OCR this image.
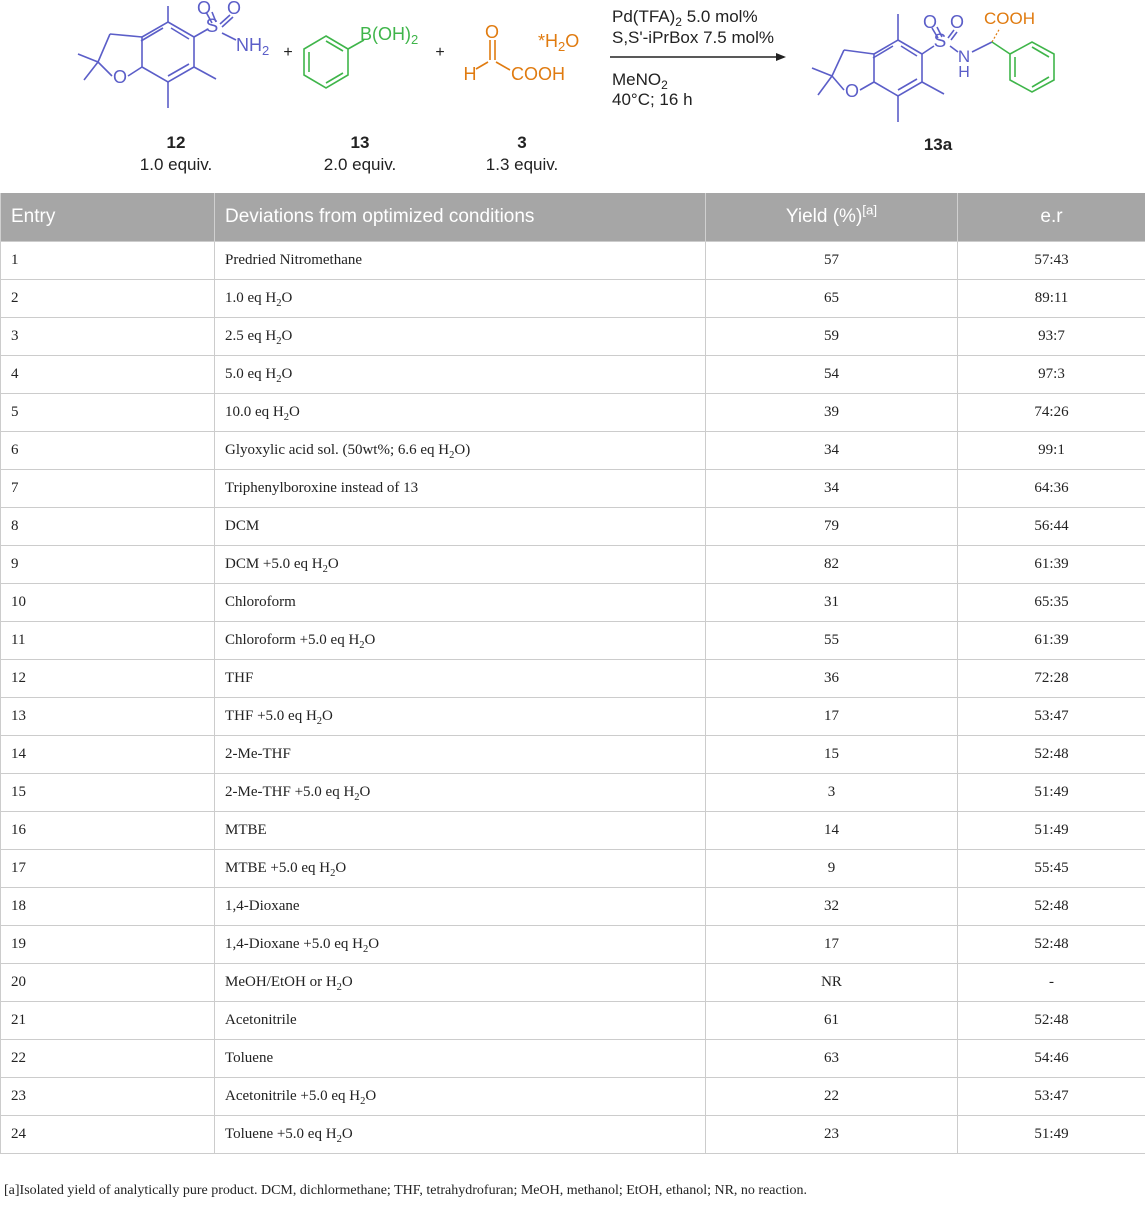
S
O O
$NH_2$
O
12
1.0 equiv.
+
$B(OH)_2$
13
2.0 equiv.
+
O
H COOH
$*H_2O$
3
1.3 equiv.
$Pd(TFA)_2$ 5.0 mol%
S,S'-iPrBox 7.5 mol%
MeNO$_2$
40°C; 16 h
S
O O
N
H
O
COOH
13a
Entry	Deviations from optimized conditions	Yield (%)[a]	e.r
1	Predried Nitromethane	57	57:43
2	1.0 eq $H_2O$	65	89:11
3	2.5 eq $H_2O$	59	93:7
4	5.0 eq $H_2O$	54	97:3
5	10.0 eq $H_2O$	39	74:26
6	Glyoxylic acid sol. (50wt%; 6.6 eq $H_2O$)	34	99:1
7	Triphenylboroxine instead of 13	34	64:36
8	DCM	79	56:44
9	DCM +5.0 eq $H_2O$	82	61:39
10	Chloroform	31	65:35
11	Chloroform +5.0 eq $H_2O$	55	61:39
12	THF	36	72:28
13	THF +5.0 eq $H_2O$	17	53:47
14	2-Me-THF	15	52:48
15	2-Me-THF +5.0 eq $H_2O$	3	51:49
16	MTBE	14	51:49
17	MTBE +5.0 eq $H_2O$	9	55:45
18	1,4-Dioxane	32	52:48
19	1,4-Dioxane +5.0 eq $H_2O$	17	52:48
20	MeOH/EtOH or $H_2O$	NR	-
21	Acetonitrile	61	52:48
22	Toluene	63	54:46
23	Acetonitrile +5.0 eq $H_2O$	22	53:47
24	Toluene +5.0 eq $H_2O$	23	51:49
[a]Isolated yield of analytically pure product. DCM, dichlormethane; THF, tetrahydrofuran; MeOH, methanol; EtOH, ethanol; NR, no reaction.
